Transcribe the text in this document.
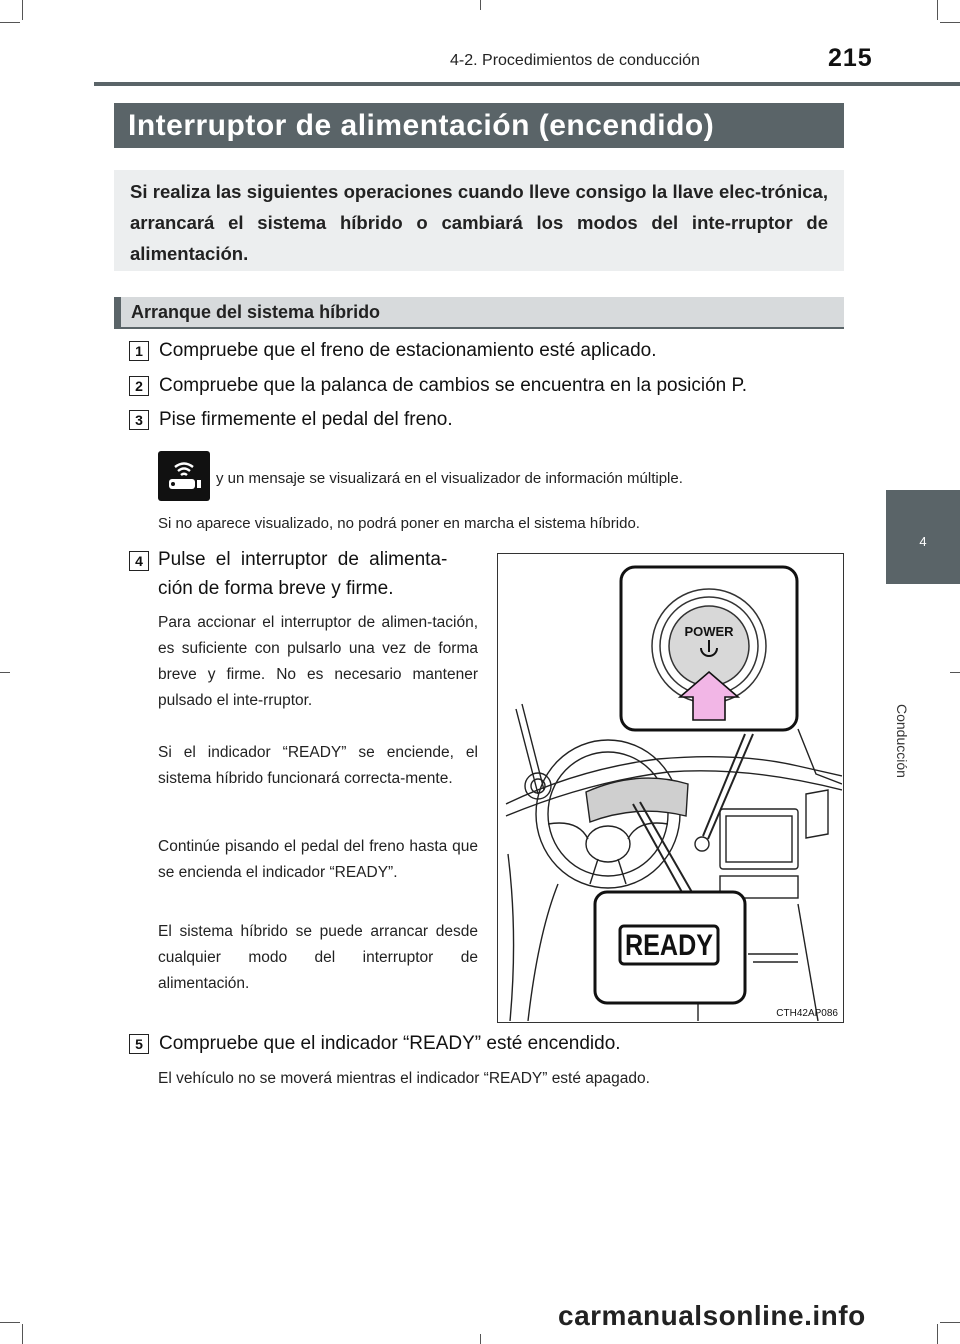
4-2. Procedimientos de conducción	215
Interruptor de alimentación (encendido)
Si realiza las siguientes operaciones cuando lleve consigo la llave elec-trónica, arrancará el sistema híbrido o cambiará los modos del inte-rruptor de alimentación.
Arranque del sistema híbrido
1 Compruebe que el freno de estacionamiento esté aplicado.
2 Compruebe que la palanca de cambios se encuentra en la posición P.
3 Pise firmemente el pedal del freno.
y un mensaje se visualizará en el visualizador de información múltiple.
Si no aparece visualizado, no podrá poner en marcha el sistema híbrido.
4 Pulse el interruptor de alimenta-
ción de forma breve y firme.

Para accionar el interruptor de alimen-tación, es suficiente con pulsarlo una vez de forma breve y firme. No es necesario mantener pulsado el inte-rruptor.

Si el indicador “READY” se enciende, el sistema híbrido funcionará correcta-mente.

Continúe pisando el pedal del freno hasta que se encienda el indicador “READY”.

El sistema híbrido se puede arrancar desde cualquier modo del interruptor de alimentación.

POWER
READY
CTH42AP086
5 Compruebe que el indicador “READY” esté encendido.
El vehículo no se moverá mientras el indicador “READY” esté apagado.
4
Conducción
carmanualsonline.info
